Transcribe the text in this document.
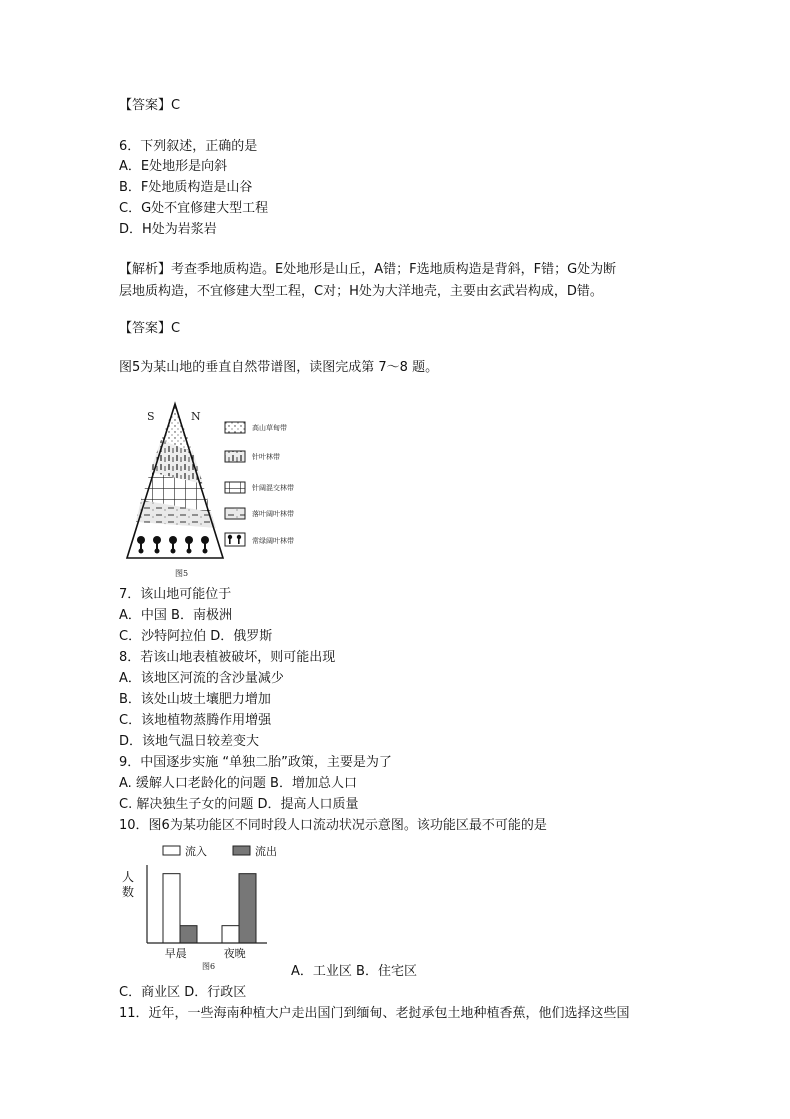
【答案】C
6．下列叙述，正确的是
A．E处地形是向斜
B．F处地质构造是山谷
C．G处不宜修建大型工程
D．H处为岩浆岩
【解析】考查季地质构造。E处地形是山丘，A错；F选地质构造是背斜，F错；G处为断
层地质构造，不宜修建大型工程，C对；H处为大洋地壳，主要由玄武岩构成，D错。
【答案】C
图5为某山地的垂直自然带谱图，读图完成第 7～8 题。
S	N
高山草甸带
针叶林带
针阔混交林带
落叶阔叶林带
常绿阔叶林带
图5
7．该山地可能位于
A．中国 B．南极洲
C．沙特阿拉伯 D．俄罗斯
8．若该山地表植被破坏，则可能出现
A．该地区河流的含沙量减少
B．该处山坡土壤肥力增加
C．该地植物蒸腾作用增强
D．该地气温日较差变大
9．中国逐步实施 “单独二胎”政策，主要是为了
A. 缓解人口老龄化的问题 B．增加总人口
C. 解决独生子女的问题 D．提高人口质量
10．图6为某功能区不同时段人口流动状况示意图。该功能区最不可能的是
流入	流出
人数
早晨	夜晚
图6	A．工业区 B．住宅区
C．商业区 D．行政区
11．近年，一些海南种植大户走出国门到缅甸、老挝承包土地种植香蕉，他们选择这些国
